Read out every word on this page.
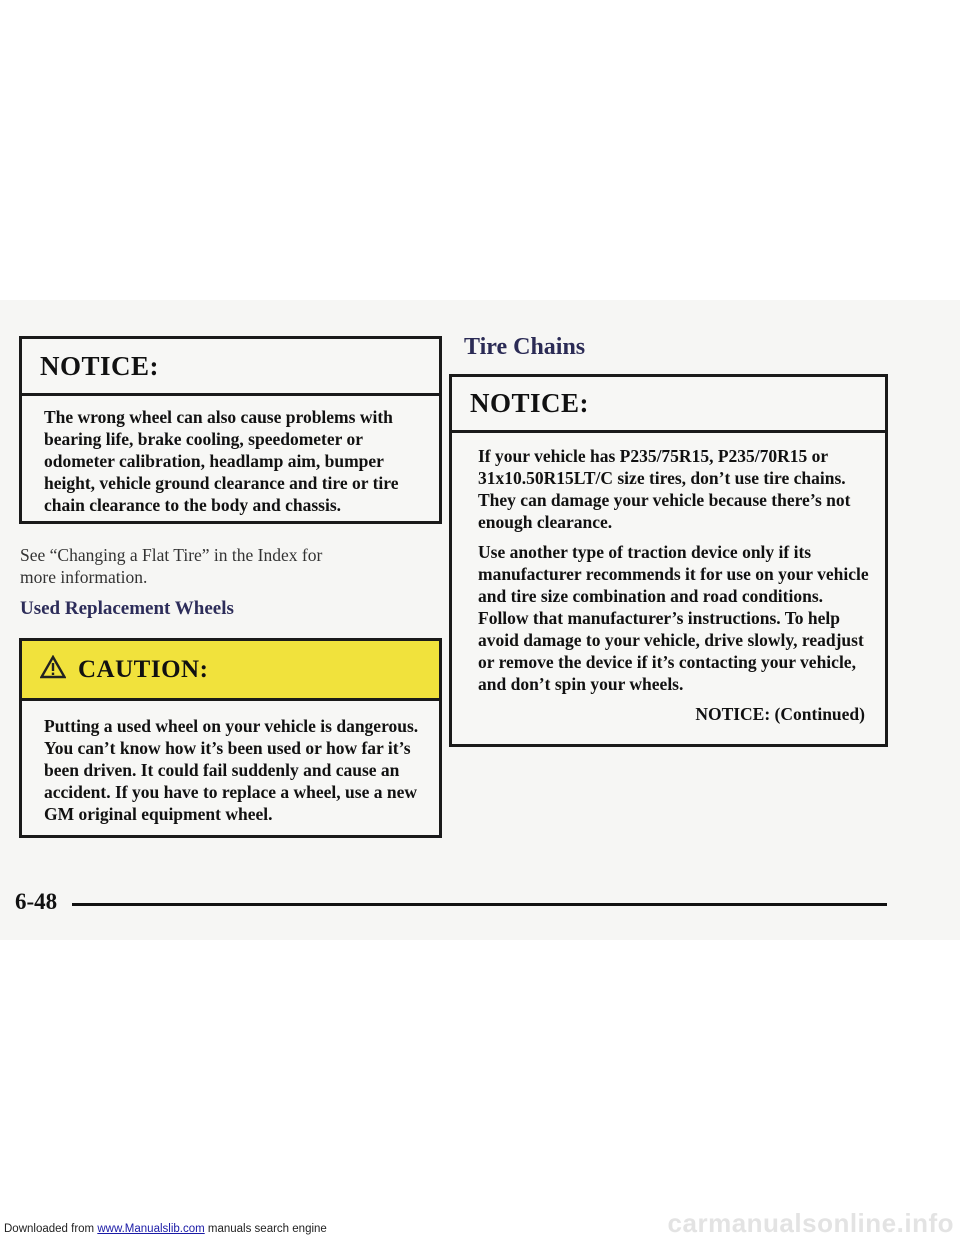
NOTICE:

The wrong wheel can also cause problems with bearing life, brake cooling, speedometer or odometer calibration, headlamp aim, bumper height, vehicle ground clearance and tire or tire chain clearance to the body and chassis.

See “Changing a Flat Tire” in the Index for more information.
Used Replacement Wheels
CAUTION:

Putting a used wheel on your vehicle is dangerous. You can’t know how it’s been used or how far it’s been driven. It could fail suddenly and cause an accident. If you have to replace a wheel, use a new GM original equipment wheel.

Tire Chains
NOTICE:

If your vehicle has P235/75R15, P235/70R15 or 31x10.50R15LT/C size tires, don’t use tire chains. They can damage your vehicle because there’s not enough clearance.

Use another type of traction device only if its manufacturer recommends it for use on your vehicle and tire size combination and road conditions. Follow that manufacturer’s instructions. To help avoid damage to your vehicle, drive slowly, readjust or remove the device if it’s contacting your vehicle, and don’t spin your wheels.

NOTICE: (Continued)

6-48
Downloaded from www.Manualslib.com manuals search engine	carmanualsonline.info
